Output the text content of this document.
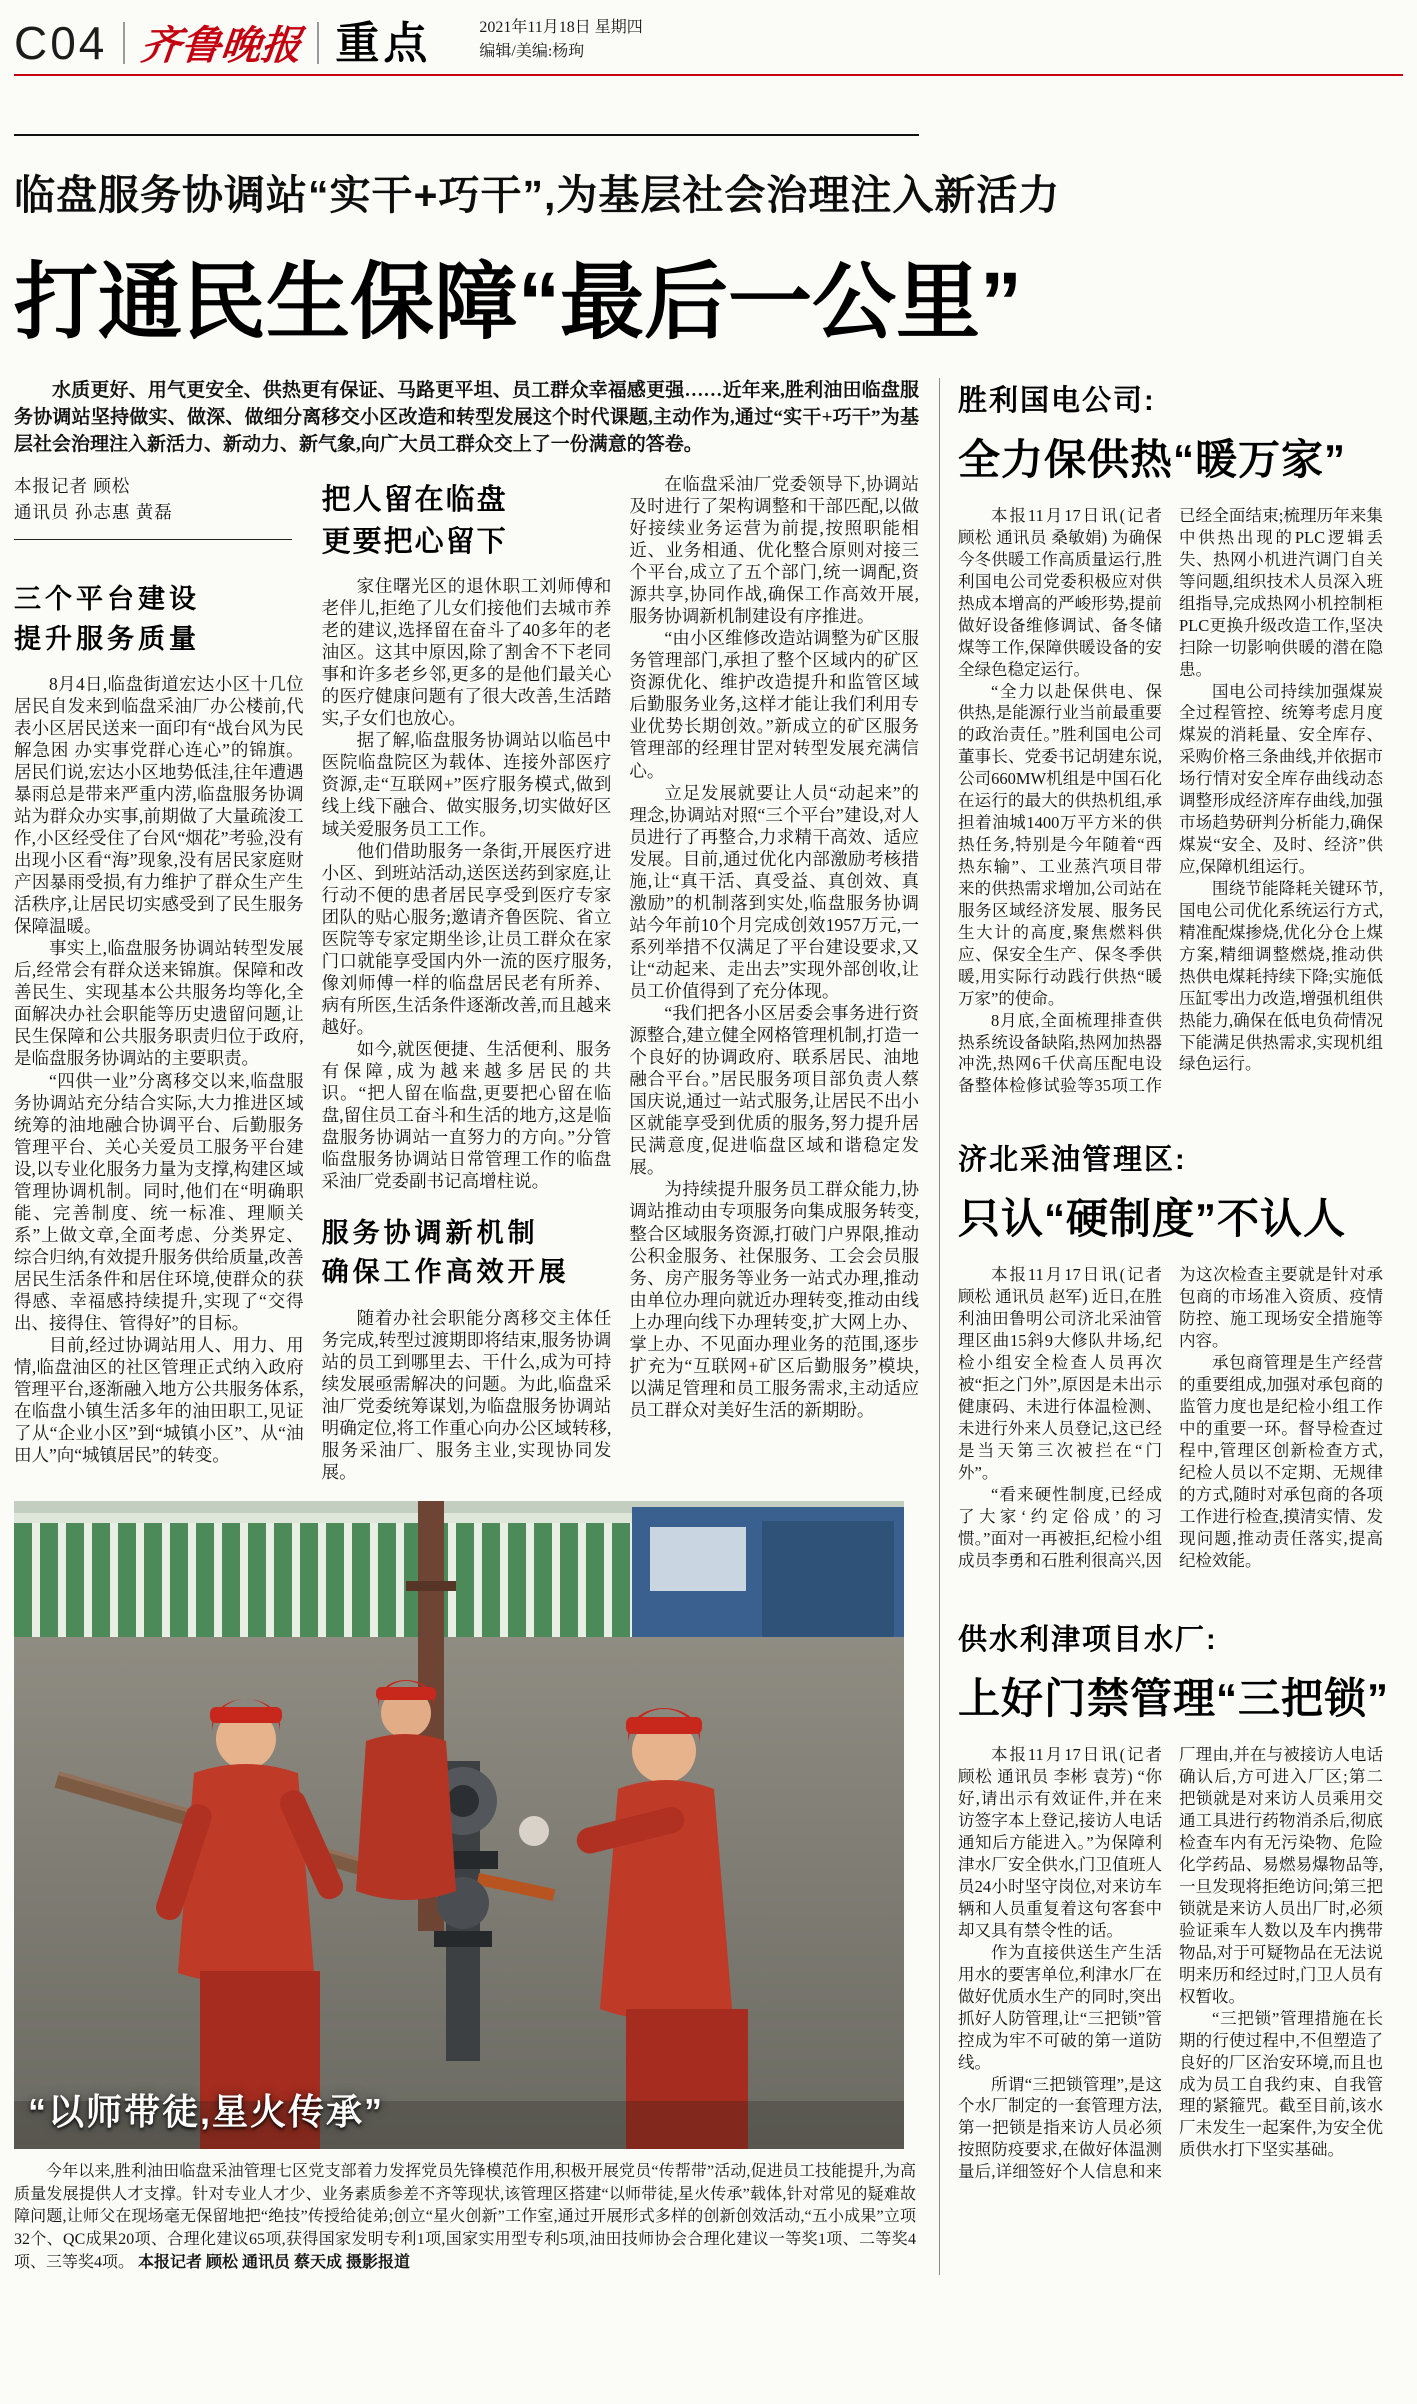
C04 齐鲁晚报 重点	2021年11月18日 星期四
编辑/美编:杨珣
临盘服务协调站“实干+巧干”,为基层社会治理注入新活力
打通民生保障“最后一公里”

水质更好、用气更安全、供热更有保证、马路更平坦、员工群众幸福感更强……近年来,胜利油田临盘服务协调站坚持做实、做深、做细分离移交小区改造和转型发展这个时代课题,主动作为,通过“实干+巧干”为基层社会治理注入新活力、新动力、新气象,向广大员工群众交上了一份满意的答卷。

本报记者 顾松
通讯员 孙志惠 黄磊
三个平台建设
提升服务质量

8月4日,临盘街道宏达小区十几位居民自发来到临盘采油厂办公楼前,代表小区居民送来一面印有“战台风为民解急困 办实事党群心连心”的锦旗。居民们说,宏达小区地势低洼,往年遭遇暴雨总是带来严重内涝,临盘服务协调站为群众办实事,前期做了大量疏浚工作,小区经受住了台风“烟花”考验,没有出现小区看“海”现象,没有居民家庭财产因暴雨受损,有力维护了群众生产生活秩序,让居民切实感受到了民生服务保障温暖。

事实上,临盘服务协调站转型发展后,经常会有群众送来锦旗。保障和改善民生、实现基本公共服务均等化,全面解决办社会职能等历史遗留问题,让民生保障和公共服务职责归位于政府,是临盘服务协调站的主要职责。

“四供一业”分离移交以来,临盘服务协调站充分结合实际,大力推进区域统筹的油地融合协调平台、后勤服务管理平台、关心关爱员工服务平台建设,以专业化服务力量为支撑,构建区域管理协调机制。同时,他们在“明确职能、完善制度、统一标准、理顺关系”上做文章,全面考虑、分类界定、综合归纳,有效提升服务供给质量,改善居民生活条件和居住环境,使群众的获得感、幸福感持续提升,实现了“交得出、接得住、管得好”的目标。

目前,经过协调站用人、用力、用情,临盘油区的社区管理正式纳入政府管理平台,逐渐融入地方公共服务体系,在临盘小镇生活多年的油田职工,见证了从“企业小区”到“城镇小区”、从“油田人”向“城镇居民”的转变。

把人留在临盘
更要把心留下

家住曙光区的退休职工刘师傅和老伴儿,拒绝了儿女们接他们去城市养老的建议,选择留在奋斗了40多年的老油区。这其中原因,除了割舍不下老同事和许多老乡邻,更多的是他们最关心的医疗健康问题有了很大改善,生活踏实,子女们也放心。

据了解,临盘服务协调站以临邑中医院临盘院区为载体、连接外部医疗资源,走“互联网+”医疗服务模式,做到线上线下融合、做实服务,切实做好区域关爱服务员工工作。

他们借助服务一条街,开展医疗进小区、到班站活动,送医送药到家庭,让行动不便的患者居民享受到医疗专家团队的贴心服务;邀请齐鲁医院、省立医院等专家定期坐诊,让员工群众在家门口就能享受国内外一流的医疗服务,像刘师傅一样的临盘居民老有所养、病有所医,生活条件逐渐改善,而且越来越好。

如今,就医便捷、生活便利、服务有保障,成为越来越多居民的共识。“把人留在临盘,更要把心留在临盘,留住员工奋斗和生活的地方,这是临盘服务协调站一直努力的方向。”分管临盘服务协调站日常管理工作的临盘采油厂党委副书记高增柱说。

服务协调新机制
确保工作高效开展

随着办社会职能分离移交主体任务完成,转型过渡期即将结束,服务协调站的员工到哪里去、干什么,成为可持续发展亟需解决的问题。为此,临盘采油厂党委统筹谋划,为临盘服务协调站明确定位,将工作重心向办公区域转移,服务采油厂、服务主业,实现协同发展。

在临盘采油厂党委领导下,协调站及时进行了架构调整和干部匹配,以做好接续业务运营为前提,按照职能相近、业务相通、优化整合原则对接三个平台,成立了五个部门,统一调配,资源共享,协同作战,确保工作高效开展,服务协调新机制建设有序推进。

“由小区维修改造站调整为矿区服务管理部门,承担了整个区域内的矿区资源优化、维护改造提升和监管区域后勤服务业务,这样才能让我们利用专业优势长期创效。”新成立的矿区服务管理部的经理甘罡对转型发展充满信心。

立足发展就要让人员“动起来”的理念,协调站对照“三个平台”建设,对人员进行了再整合,力求精干高效、适应发展。目前,通过优化内部激励考核措施,让“真干活、真受益、真创效、真激励”的机制落到实处,临盘服务协调站今年前10个月完成创效1957万元,一系列举措不仅满足了平台建设要求,又让“动起来、走出去”实现外部创收,让员工价值得到了充分体现。

“我们把各小区居委会事务进行资源整合,建立健全网格管理机制,打造一个良好的协调政府、联系居民、油地融合平台。”居民服务项目部负责人蔡国庆说,通过一站式服务,让居民不出小区就能享受到优质的服务,努力提升居民满意度,促进临盘区域和谐稳定发展。

为持续提升服务员工群众能力,协调站推动由专项服务向集成服务转变,整合区域服务资源,打破门户界限,推动公积金服务、社保服务、工会会员服务、房产服务等业务一站式办理,推动由单位办理向就近办理转变,推动由线上办理向线下办理转变,扩大网上办、掌上办、不见面办理业务的范围,逐步扩充为“互联网+矿区后勤服务”模块,以满足管理和员工服务需求,主动适应员工群众对美好生活的新期盼。

“以师带徒,星火传承”

今年以来,胜利油田临盘采油管理七区党支部着力发挥党员先锋模范作用,积极开展党员“传帮带”活动,促进员工技能提升,为高质量发展提供人才支撑。针对专业人才少、业务素质参差不齐等现状,该管理区搭建“以师带徒,星火传承”载体,针对常见的疑难故障问题,让师父在现场毫无保留地把“绝技”传授给徒弟;创立“星火创新”工作室,通过开展形式多样的创新创效活动,“五小成果”立项32个、QC成果20项、合理化建议65项,获得国家发明专利1项,国家实用型专利5项,油田技师协会合理化建议一等奖1项、二等奖4项、三等奖4项。 本报记者 顾松 通讯员 蔡天成 摄影报道

胜利国电公司:
全力保供热“暖万家”

本报11月17日讯(记者 顾松 通讯员 桑敏娟) 为确保今冬供暖工作高质量运行,胜利国电公司党委积极应对供热成本增高的严峻形势,提前做好设备维修调试、备冬储煤等工作,保障供暖设备的安全绿色稳定运行。

“全力以赴保供电、保供热,是能源行业当前最重要的政治责任。”胜利国电公司董事长、党委书记胡建东说,公司660MW机组是中国石化在运行的最大的供热机组,承担着油城1400万平方米的供热任务,特别是今年随着“西热东输”、工业蒸汽项目带来的供热需求增加,公司站在服务区域经济发展、服务民生大计的高度,聚焦燃料供应、保安全生产、保冬季供暖,用实际行动践行供热“暖万家”的使命。

8月底,全面梳理排查供热系统设备缺陷,热网加热器冲洗,热网6千伏高压配电设备整体检修试验等35项工作已经全面结束;梳理历年来集中供热出现的PLC逻辑丢失、热网小机进汽调门自关等问题,组织技术人员深入班组指导,完成热网小机控制柜PLC更换升级改造工作,坚决扫除一切影响供暖的潜在隐患。

国电公司持续加强煤炭全过程管控、统筹考虑月度煤炭的消耗量、安全库存、采购价格三条曲线,并依据市场行情对安全库存曲线动态调整形成经济库存曲线,加强市场趋势研判分析能力,确保煤炭“安全、及时、经济”供应,保障机组运行。

围绕节能降耗关键环节,国电公司优化系统运行方式,精准配煤掺烧,优化分仓上煤方案,精细调整燃烧,推动供热供电煤耗持续下降;实施低压缸零出力改造,增强机组供热能力,确保在低电负荷情况下能满足供热需求,实现机组绿色运行。

济北采油管理区:
只认“硬制度”不认人

本报11月17日讯(记者 顾松 通讯员 赵军) 近日,在胜利油田鲁明公司济北采油管理区曲15斜9大修队井场,纪检小组安全检查人员再次被“拒之门外”,原因是未出示健康码、未进行体温检测、未进行外来人员登记,这已经是当天第三次被拦在“门外”。

“看来硬性制度,已经成了大家‘约定俗成’的习惯。”面对一再被拒,纪检小组成员李勇和石胜利很高兴,因为这次检查主要就是针对承包商的市场准入资质、疫情防控、施工现场安全措施等内容。

承包商管理是生产经营的重要组成,加强对承包商的监管力度也是纪检小组工作中的重要一环。督导检查过程中,管理区创新检查方式,纪检人员以不定期、无规律的方式,随时对承包商的各项工作进行检查,摸清实情、发现问题,推动责任落实,提高纪检效能。

供水利津项目水厂:
上好门禁管理“三把锁”

本报11月17日讯(记者 顾松 通讯员 李彬 袁芳) “你好,请出示有效证件,并在来访签字本上登记,接访人电话通知后方能进入。”为保障利津水厂安全供水,门卫值班人员24小时坚守岗位,对来访车辆和人员重复着这句客套中却又具有禁令性的话。

作为直接供送生产生活用水的要害单位,利津水厂在做好优质水生产的同时,突出抓好人防管理,让“三把锁”管控成为牢不可破的第一道防线。

所谓“三把锁管理”,是这个水厂制定的一套管理方法,第一把锁是指来访人员必须按照防疫要求,在做好体温测量后,详细签好个人信息和来厂理由,并在与被接访人电话确认后,方可进入厂区;第二把锁就是对来访人员乘用交通工具进行药物消杀后,彻底检查车内有无污染物、危险化学药品、易燃易爆物品等,一旦发现将拒绝访问;第三把锁就是来访人员出厂时,必须验证乘车人数以及车内携带物品,对于可疑物品在无法说明来历和经过时,门卫人员有权暂收。

“三把锁”管理措施在长期的行使过程中,不但塑造了良好的厂区治安环境,而且也成为员工自我约束、自我管理的紧箍咒。截至目前,该水厂未发生一起案件,为安全优质供水打下坚实基础。
